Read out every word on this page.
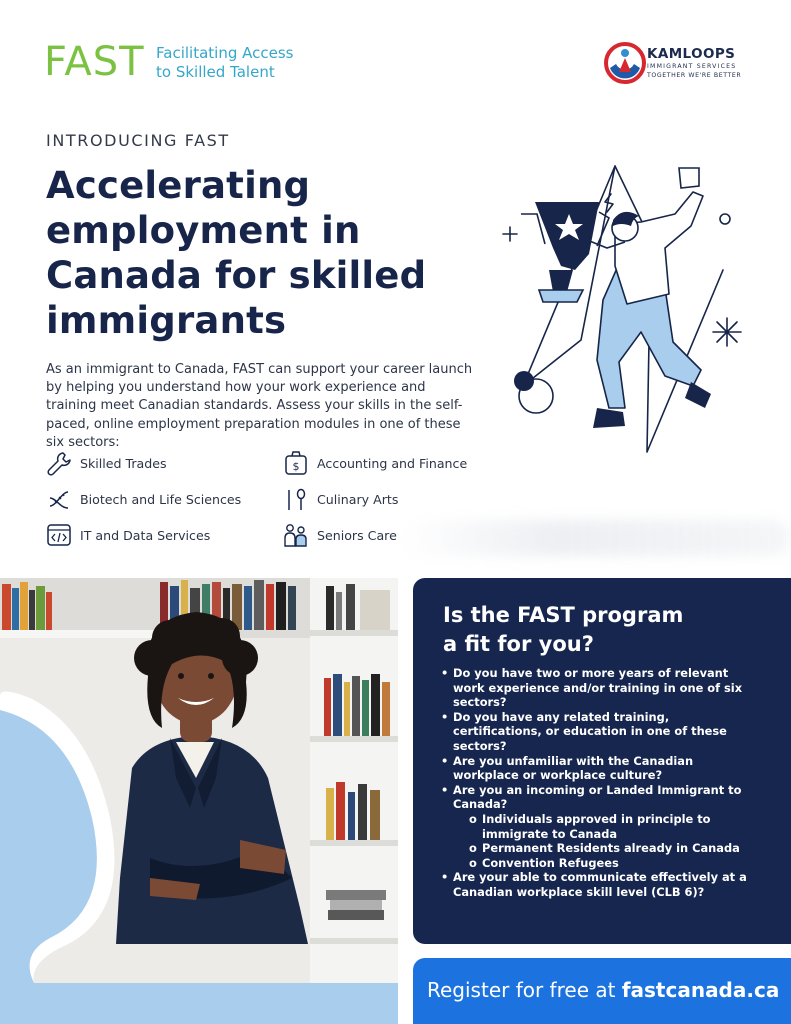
FAST Facilitating Access
to Skilled Talent
KAMLOOPS
IMMIGRANT SERVICES
TOGETHER WE'RE BETTER
INTRODUCING FAST
Accelerating employment in Canada for skilled immigrants
As an immigrant to Canada, FAST can support your career launch by helping you understand how your work experience and training meet Canadian standards. Assess your skills in the self-paced, online employment preparation modules in one of these six sectors:
Skilled Trades	$ Accounting and Finance
Biotech and Life Sciences	Culinary Arts
IT and Data Services	Seniors Care
Is the FAST program
a fit for you?
• Do you have two or more years of relevant work experience and/or training in one of six sectors?
• Do you have any related training, certifications, or education in one of these sectors?
• Are you unfamiliar with the Canadian workplace or workplace culture?
• Are you an incoming or Landed Immigrant to Canada?
o Individuals approved in principle to immigrate to Canada
o Permanent Residents already in Canada
o Convention Refugees
• Are your able to communicate effectively at a Canadian workplace skill level (CLB 6)?
Register for free at fastcanada.ca
